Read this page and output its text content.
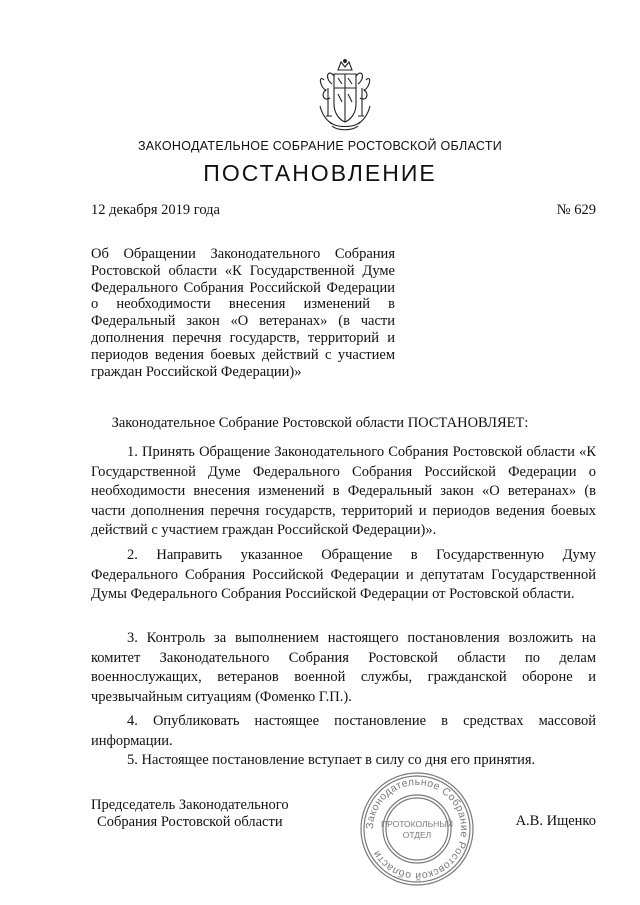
ЗАКОНОДАТЕЛЬНОЕ СОБРАНИЕ РОСТОВСКОЙ ОБЛАСТИ
ПОСТАНОВЛЕНИЕ
12 декабря 2019 года	№ 629
Об Обращении Законодательного Собрания Ростовской области «К Государственной Думе Федерального Собрания Российской Федерации о необходимости внесения изменений в Федеральный закон «О ветеранах» (в части дополнения перечня государств, территорий и периодов ведения боевых действий с участием граждан Российской Федерации)»
Законодательное Собрание Ростовской области ПОСТАНОВЛЯЕТ:

1. Принять Обращение Законодательного Собрания Ростовской области «К Государственной Думе Федерального Собрания Российской Федерации о необходимости внесения изменений в Федеральный закон «О ветеранах» (в части дополнения перечня государств, территорий и периодов ведения боевых действий с участием граждан Российской Федерации)».

2. Направить указанное Обращение в Государственную Думу Федерального Собрания Российской Федерации и депутатам Государственной Думы Федерального Собрания Российской Федерации от Ростовской области.

3. Контроль за выполнением настоящего постановления возложить на комитет Законодательного Собрания Ростовской области по делам военнослужащих, ветеранов военной службы, гражданской обороне и чрезвычайным ситуациям (Фоменко Г.П.).

4. Опубликовать настоящее постановление в средствах массовой информации.

5. Настоящее постановление вступает в силу со дня его принятия.

Председатель Законодательного
Собрания Ростовской области	А.В. Ищенко
Законодательное Собрание Ростовской области
ПРОТОКОЛЬНЫЙ
ОТДЕЛ
